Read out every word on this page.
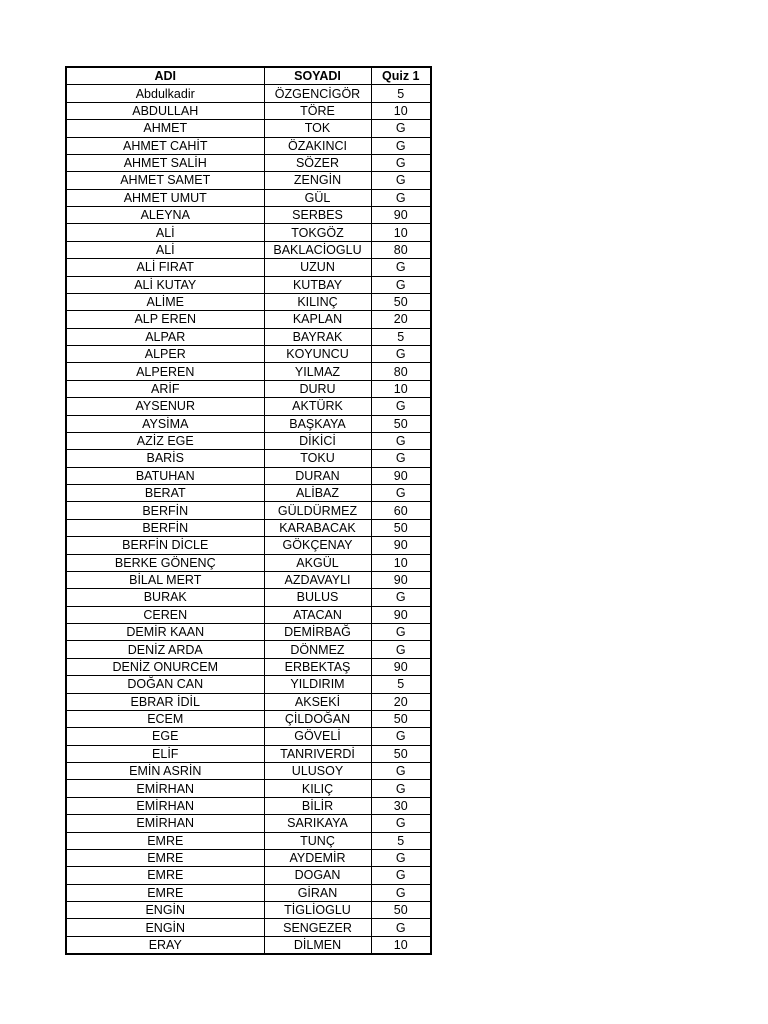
ADI	SOYADI	Quiz 1
Abdulkadir	ÖZGENCİGÖR	5
ABDULLAH	TÖRE	10
AHMET	TOK	G
AHMET CAHİT	ÖZAKINCI	G
AHMET SALİH	SÖZER	G
AHMET SAMET	ZENGİN	G
AHMET UMUT	GÜL	G
ALEYNA	SERBES	90
ALİ	TOKGÖZ	10
ALİ	BAKLACİOGLU	80
ALİ FIRAT	UZUN	G
ALİ KUTAY	KUTBAY	G
ALİME	KILINÇ	50
ALP EREN	KAPLAN	20
ALPAR	BAYRAK	5
ALPER	KOYUNCU	G
ALPEREN	YILMAZ	80
ARİF	DURU	10
AYSENUR	AKTÜRK	G
AYSİMA	BAŞKAYA	50
AZİZ EGE	DİKİCİ	G
BARİS	TOKU	G
BATUHAN	DURAN	90
BERAT	ALİBAZ	G
BERFİN	GÜLDÜRMEZ	60
BERFİN	KARABACAK	50
BERFİN DİCLE	GÖKÇENAY	90
BERKE GÖNENÇ	AKGÜL	10
BİLAL MERT	AZDAVAYLI	90
BURAK	BULUS	G
CEREN	ATACAN	90
DEMİR KAAN	DEMİRBAĞ	G
DENİZ ARDA	DÖNMEZ	G
DENİZ ONURCEM	ERBEKTAŞ	90
DOĞAN CAN	YILDIRIM	5
EBRAR İDİL	AKSEKİ	20
ECEM	ÇİLDOĞAN	50
EGE	GÖVELİ	G
ELİF	TANRIVERDİ	50
EMİN ASRİN	ULUSOY	G
EMİRHAN	KILIÇ	G
EMİRHAN	BİLİR	30
EMİRHAN	SARIKAYA	G
EMRE	TUNÇ	5
EMRE	AYDEMİR	G
EMRE	DOGAN	G
EMRE	GİRAN	G
ENGİN	TİGLİOGLU	50
ENGİN	SENGEZER	G
ERAY	DİLMEN	10
